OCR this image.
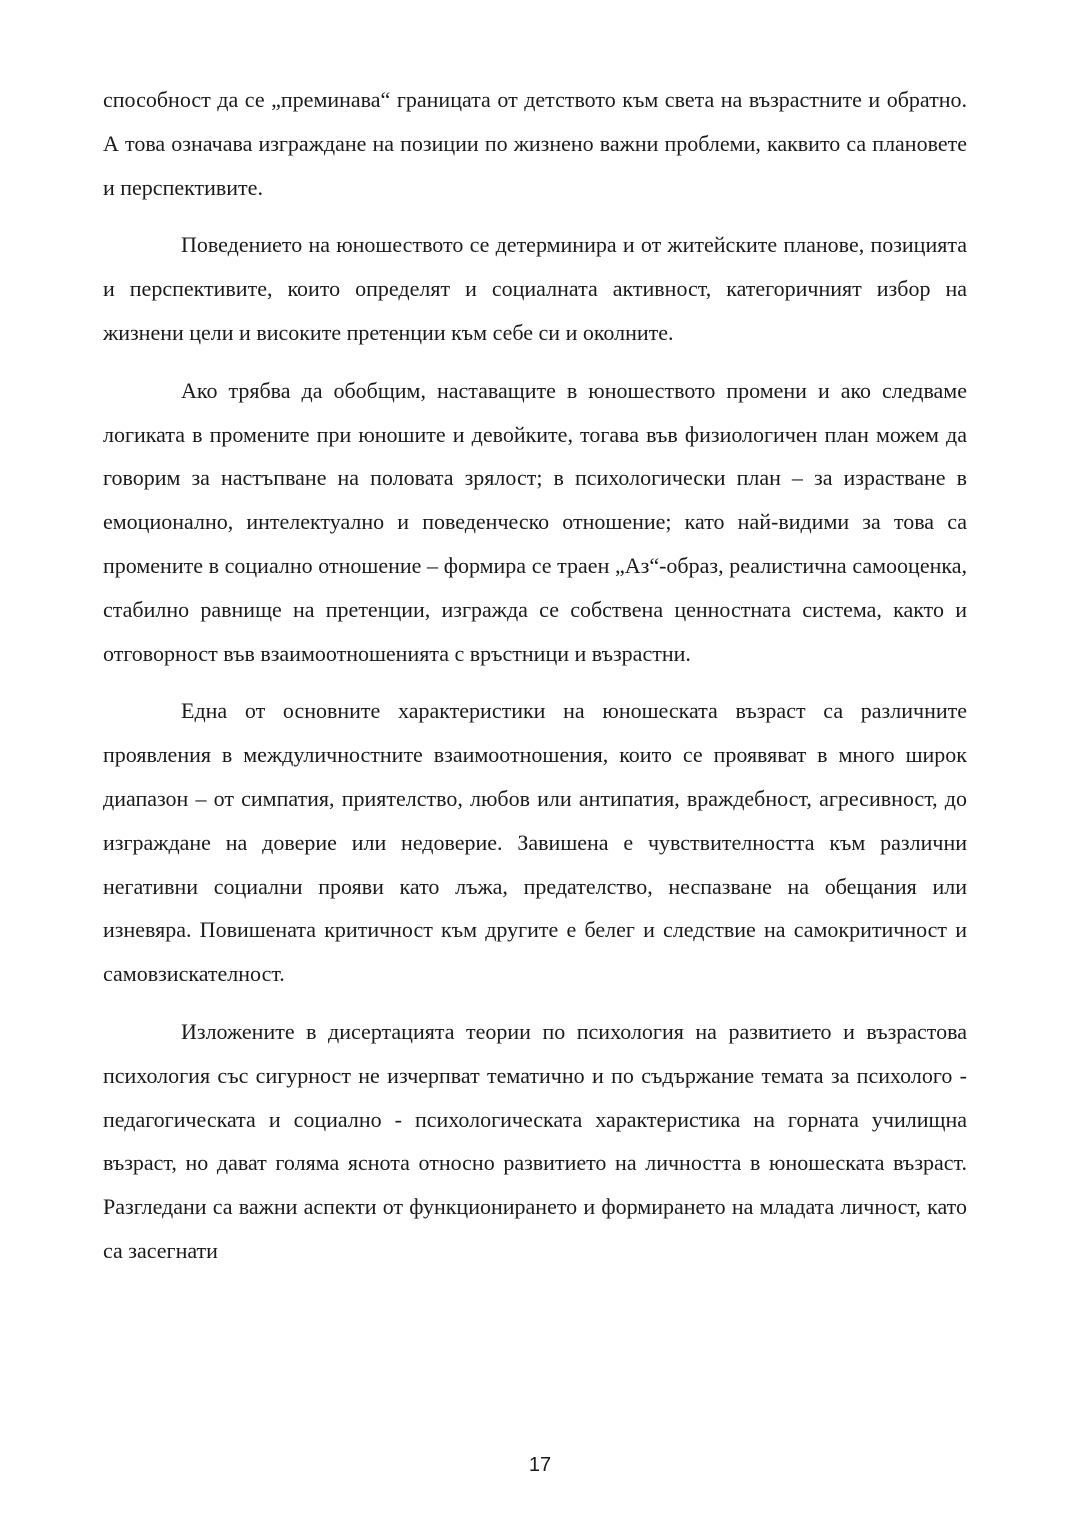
способност да се „преминава“ границата от детството към света на възрастните и обратно. А това означава изграждане на позиции по жизнено важни проблеми, каквито са плановете и перспективите.

Поведението на юношеството се детерминира и от житейските планове, позицията и перспективите, които определят и социалната активност, категоричният избор на жизнени цели и високите претенции към себе си и околните.

Ако трябва да обобщим, наставащите в юношеството промени и ако следваме логиката в промените при юношите и девойките, тогава във физиологичен план можем да говорим за настъпване на половата зрялост; в психологически план – за израстване в емоционално, интелектуално и поведенческо отношение; като най-видими за това са промените в социално отношение – формира се траен „Аз“-образ, реалистична самооценка, стабилно равнище на претенции, изгражда се собствена ценностната система, както и отговорност във взаимоотношенията с връстници и възрастни.

Една от основните характеристики на юношеската възраст са различните проявления в междуличностните взаимоотношения, които се проявяват в много широк диапазон – от симпатия, приятелство, любов или антипатия, враждебност, агресивност, до изграждане на доверие или недоверие. Завишена е чувствителността към различни негативни социални прояви като лъжа, предателство, неспазване на обещания или изневяра. Повишената критичност към другите е белег и следствие на самокритичност и самовзискателност.

Изложените в дисертацията теории по психология на развитието и възрастова психология със сигурност не изчерпват тематично и по съдържание темата за психолого - педагогическата и социално - психологическата характеристика на горната училищна възраст, но дават голяма яснота относно развитието на личността в юношеската възраст. Разгледани са важни аспекти от функционирането и формирането на младата личност, като са засегнати

17
